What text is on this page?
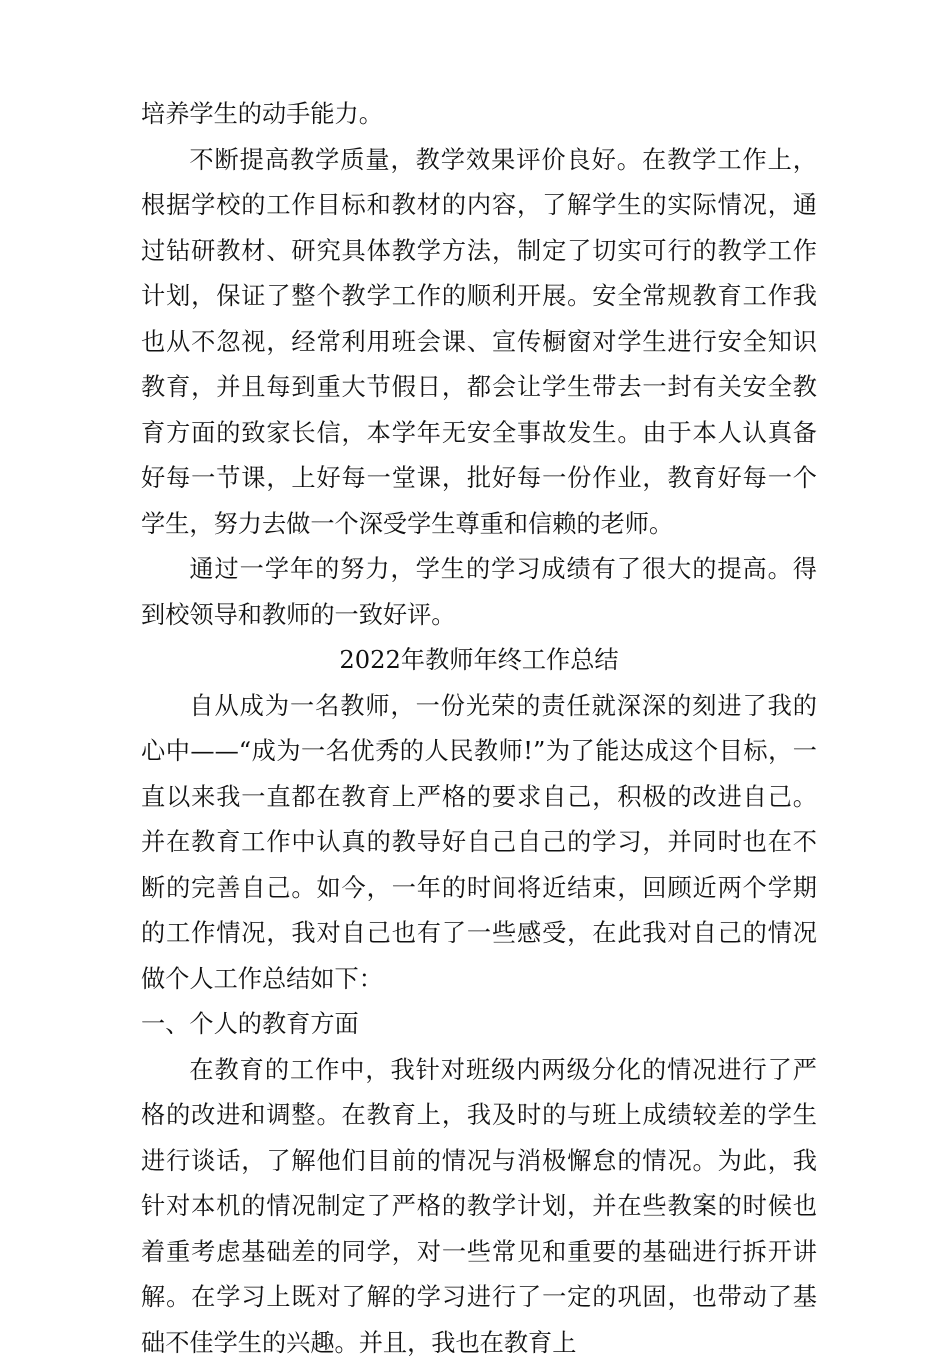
培养学生的动手能力。

不断提高教学质量，教学效果评价良好。在教学工作上，根据学校的工作目标和教材的内容，了解学生的实际情况，通过钻研教材、研究具体教学方法，制定了切实可行的教学工作计划，保证了整个教学工作的顺利开展。安全常规教育工作我也从不忽视，经常利用班会课、宣传橱窗对学生进行安全知识教育，并且每到重大节假日，都会让学生带去一封有关安全教育方面的致家长信，本学年无安全事故发生。由于本人认真备好每一节课，上好每一堂课，批好每一份作业，教育好每一个学生，努力去做一个深受学生尊重和信赖的老师。

通过一学年的努力，学生的学习成绩有了很大的提高。得到校领导和教师的一致好评。

2022年教师年终工作总结

自从成为一名教师，一份光荣的责任就深深的刻进了我的心中——“成为一名优秀的人民教师!”为了能达成这个目标，一直以来我一直都在教育上严格的要求自己，积极的改进自己。并在教育工作中认真的教导好自己自己的学习，并同时也在不断的完善自己。如今，一年的时间将近结束，回顾近两个学期的工作情况，我对自己也有了一些感受，在此我对自己的情况做个人工作总结如下：

一、个人的教育方面

在教育的工作中，我针对班级内两级分化的情况进行了严格的改进和调整。在教育上，我及时的与班上成绩较差的学生进行谈话，了解他们目前的情况与消极懈怠的情况。为此，我针对本机的情况制定了严格的教学计划，并在些教案的时候也着重考虑基础差的同学，对一些常见和重要的基础进行拆开讲解。在学习上既对了解的学习进行了一定的巩固，也带动了基础不佳学生的兴趣。并且，我也在教育上
